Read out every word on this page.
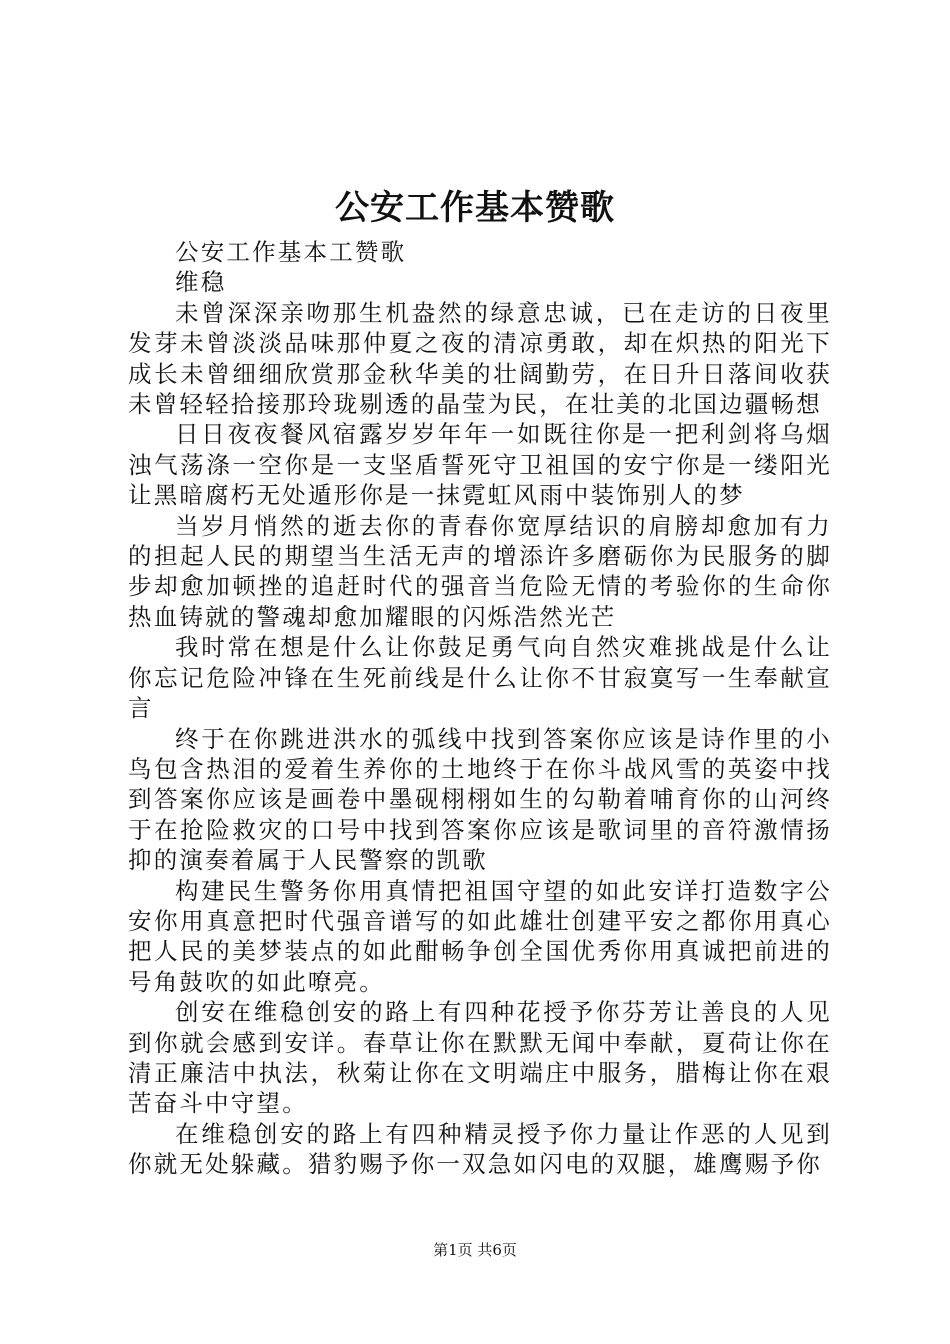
公安工作基本赞歌

公安工作基本工赞歌

维稳

未曾深深亲吻那生机盎然的绿意忠诚，已在走访的日夜里发芽未曾淡淡品味那仲夏之夜的清凉勇敢，却在炽热的阳光下成长未曾细细欣赏那金秋华美的壮阔勤劳，在日升日落间收获未曾轻轻拾接那玲珑剔透的晶莹为民，在壮美的北国边疆畅想

日日夜夜餐风宿露岁岁年年一如既往你是一把利剑将乌烟浊气荡涤一空你是一支坚盾誓死守卫祖国的安宁你是一缕阳光让黑暗腐朽无处遁形你是一抹霓虹风雨中装饰别人的梦

当岁月悄然的逝去你的青春你宽厚结识的肩膀却愈加有力的担起人民的期望当生活无声的增添许多磨砺你为民服务的脚步却愈加顿挫的追赶时代的强音当危险无情的考验你的生命你热血铸就的警魂却愈加耀眼的闪烁浩然光芒

我时常在想是什么让你鼓足勇气向自然灾难挑战是什么让你忘记危险冲锋在生死前线是什么让你不甘寂寞写一生奉献宣言

终于在你跳进洪水的弧线中找到答案你应该是诗作里的小鸟包含热泪的爱着生养你的土地终于在你斗战风雪的英姿中找到答案你应该是画卷中墨砚栩栩如生的勾勒着哺育你的山河终于在抢险救灾的口号中找到答案你应该是歌词里的音符激情扬抑的演奏着属于人民警察的凯歌

构建民生警务你用真情把祖国守望的如此安详打造数字公安你用真意把时代强音谱写的如此雄壮创建平安之都你用真心把人民的美梦装点的如此酣畅争创全国优秀你用真诚把前进的号角鼓吹的如此嘹亮。

创安在维稳创安的路上有四种花授予你芬芳让善良的人见到你就会感到安详。春草让你在默默无闻中奉献，夏荷让你在清正廉洁中执法，秋菊让你在文明端庄中服务，腊梅让你在艰苦奋斗中守望。

在维稳创安的路上有四种精灵授予你力量让作恶的人见到你就无处躲藏。猎豹赐予你一双急如闪电的双腿，雄鹰赐予你

第1页 共6页
